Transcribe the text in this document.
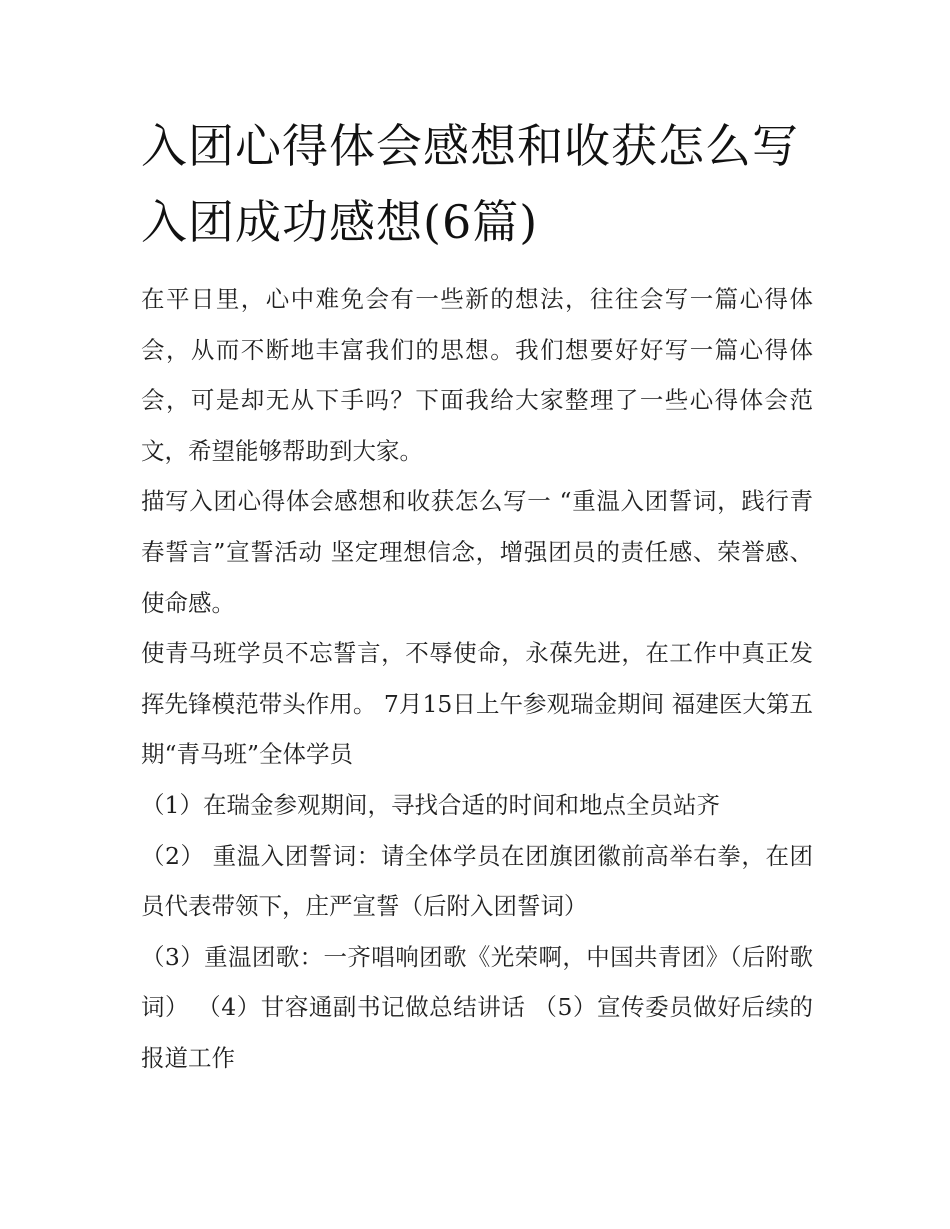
入团心得体会感想和收获怎么写 入团成功感想(6篇)

在平日里，心中难免会有一些新的想法，往往会写一篇心得体会，从而不断地丰富我们的思想。我们想要好好写一篇心得体会，可是却无从下手吗？下面我给大家整理了一些心得体会范文，希望能够帮助到大家。

描写入团心得体会感想和收获怎么写一 “重温入团誓词，践行青春誓言”宣誓活动 坚定理想信念，增强团员的责任感、荣誉感、使命感。

使青马班学员不忘誓言，不辱使命，永葆先进，在工作中真正发挥先锋模范带头作用。 7月15日上午参观瑞金期间 福建医大第五期“青马班”全体学员

（1）在瑞金参观期间，寻找合适的时间和地点全员站齐

（2） 重温入团誓词：请全体学员在团旗团徽前高举右拳，在团员代表带领下，庄严宣誓（后附入团誓词）

（3）重温团歌：一齐唱响团歌《光荣啊，中国共青团》（后附歌词） （4）甘容通副书记做总结讲话 （5）宣传委员做好后续的报道工作
